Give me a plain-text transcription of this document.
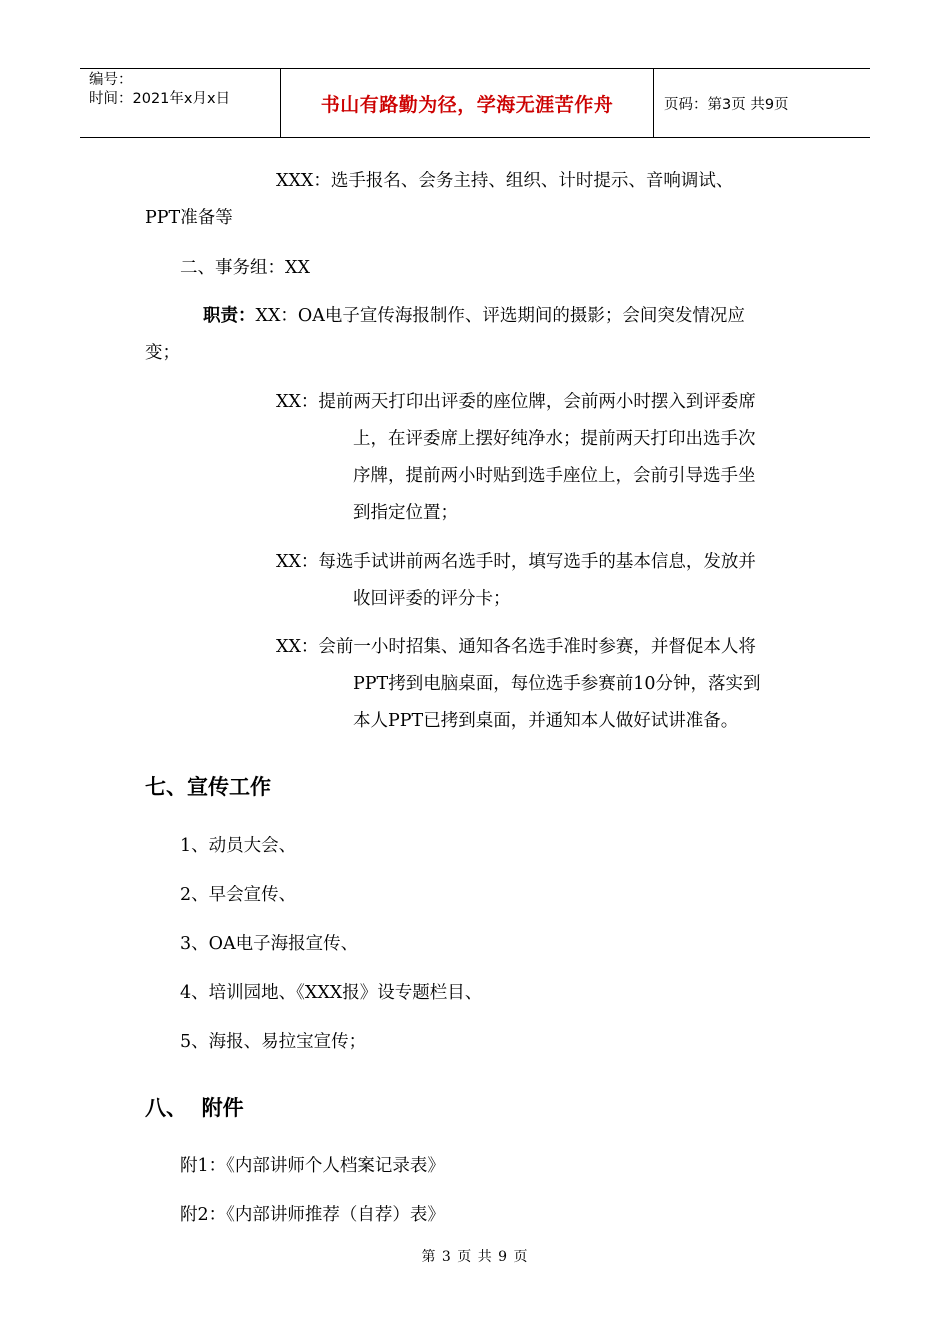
编号：
时间：2021年x月x日	书山有路勤为径，学海无涯苦作舟	页码：第3页 共9页
XXX：选手报名、会务主持、组织、计时提示、音响调试、
PPT准备等
二、事务组：XX
职责：XX：OA电子宣传海报制作、评选期间的摄影；会间突发情况应
变；
XX：提前两天打印出评委的座位牌，会前两小时摆入到评委席
上，在评委席上摆好纯净水；提前两天打印出选手次
序牌，提前两小时贴到选手座位上，会前引导选手坐
到指定位置；
XX：每选手试讲前两名选手时，填写选手的基本信息，发放并
收回评委的评分卡；
XX：会前一小时招集、通知各名选手准时参赛，并督促本人将
PPT拷到电脑桌面，每位选手参赛前10分钟，落实到
本人PPT已拷到桌面，并通知本人做好试讲准备。
七、宣传工作
1、动员大会、
2、早会宣传、
3、OA电子海报宣传、
4、培训园地、《XXX报》设专题栏目、
5、海报、易拉宝宣传；
八、  附件
附1：《内部讲师个人档案记录表》
附2：《内部讲师推荐（自荐）表》
第 3 页 共 9 页
